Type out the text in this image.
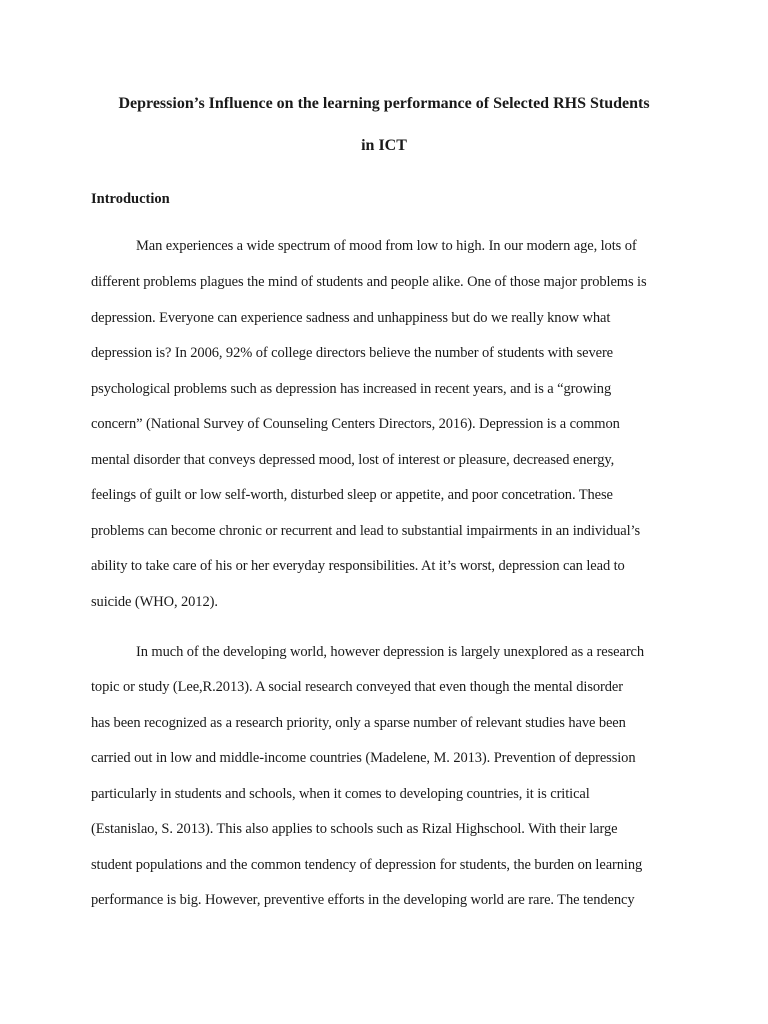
Depression’s Influence on the learning performance of Selected RHS Students
in ICT
Introduction
Man experiences a wide spectrum of mood from low to high. In our modern age, lots of
different problems plagues the mind of students and people alike. One of those major problems is
depression. Everyone can experience sadness and unhappiness but do we really know what
depression is? In 2006, 92% of college directors believe the number of students with severe
psychological problems such as depression has increased in recent years, and is a “growing
concern” (National Survey of Counseling Centers Directors, 2016). Depression is a common
mental disorder that conveys depressed mood, lost of interest or pleasure, decreased energy,
feelings of guilt or low self-worth, disturbed sleep or appetite, and poor concetration. These
problems can become chronic or recurrent and lead to substantial impairments in an individual’s
ability to take care of his or her everyday responsibilities. At it’s worst, depression can lead to
suicide (WHO, 2012).
In much of the developing world, however depression is largely unexplored as a research
topic or study (Lee,R.2013). A social research conveyed that even though the mental disorder
has been recognized as a research priority, only a sparse number of relevant studies have been
carried out in low and middle-income countries (Madelene, M. 2013). Prevention of depression
particularly in students and schools, when it comes to developing countries, it is critical
(Estanislao, S. 2013). This also applies to schools such as Rizal Highschool. With their large
student populations and the common tendency of depression for students, the burden on learning
performance is big. However, preventive efforts in the developing world are rare. The tendency
